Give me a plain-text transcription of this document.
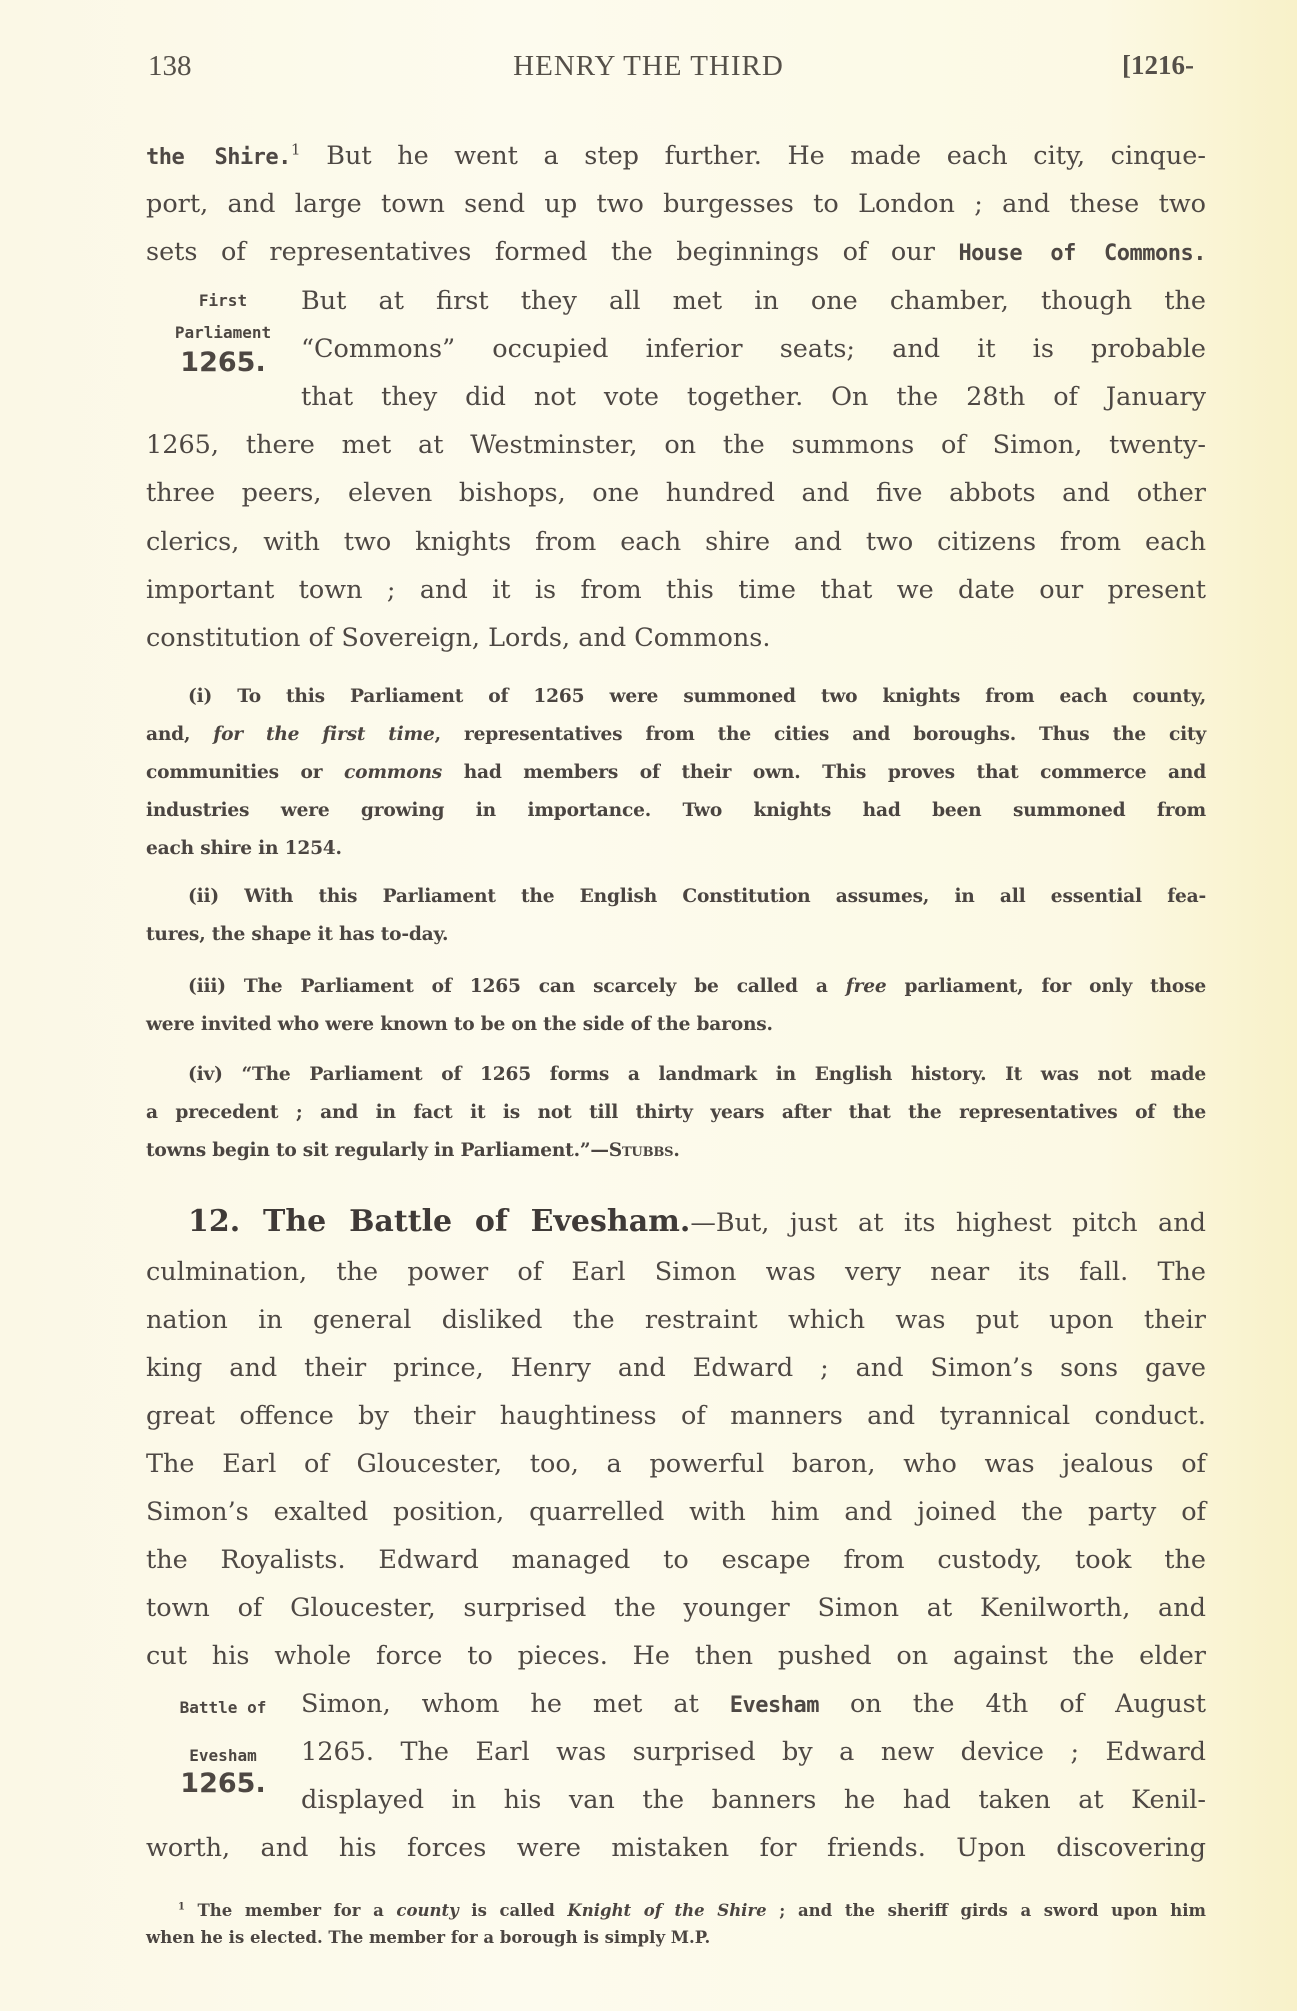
138	HENRY THE THIRD	[1216-
First
Parliament
1265.
Battle of
Evesham
1265.
the Shire.$^1$ But he went a step further. He made each city, cinque-
port, and large town send up two burgesses to London ; and these two
sets of representatives formed the beginnings of our House of Commons.
But at first they all met in one chamber, though the
“Commons” occupied inferior seats; and it is probable
that they did not vote together. On the 28th of January
1265, there met at Westminster, on the summons of Simon, twenty-
three peers, eleven bishops, one hundred and five abbots and other
clerics, with two knights from each shire and two citizens from each
important town ; and it is from this time that we date our present
constitution of Sovereign, Lords, and Commons.
(i) To this Parliament of 1265 were summoned two knights from each county,
and, for the first time, representatives from the cities and boroughs. Thus the city
communities or commons had members of their own. This proves that commerce and
industries were growing in importance. Two knights had been summoned from
each shire in 1254.
(ii) With this Parliament the English Constitution assumes, in all essential fea-
tures, the shape it has to-day.
(iii) The Parliament of 1265 can scarcely be called a free parliament, for only those
were invited who were known to be on the side of the barons.
(iv) “The Parliament of 1265 forms a landmark in English history. It was not made
a precedent ; and in fact it is not till thirty years after that the representatives of the
towns begin to sit regularly in Parliament.”—Stubbs.
12. The Battle of Evesham.—But, just at its highest pitch and
culmination, the power of Earl Simon was very near its fall. The
nation in general disliked the restraint which was put upon their
king and their prince, Henry and Edward ; and Simon’s sons gave
great offence by their haughtiness of manners and tyrannical conduct.
The Earl of Gloucester, too, a powerful baron, who was jealous of
Simon’s exalted position, quarrelled with him and joined the party of
the Royalists. Edward managed to escape from custody, took the
town of Gloucester, surprised the younger Simon at Kenilworth, and
cut his whole force to pieces. He then pushed on against the elder
Simon, whom he met at Evesham on the 4th of August
1265. The Earl was surprised by a new device ; Edward
displayed in his van the banners he had taken at Kenil-
worth, and his forces were mistaken for friends. Upon discovering
$^1$ The member for a county is called Knight of the Shire ; and the sheriff girds a sword upon him
when he is elected. The member for a borough is simply M.P.
